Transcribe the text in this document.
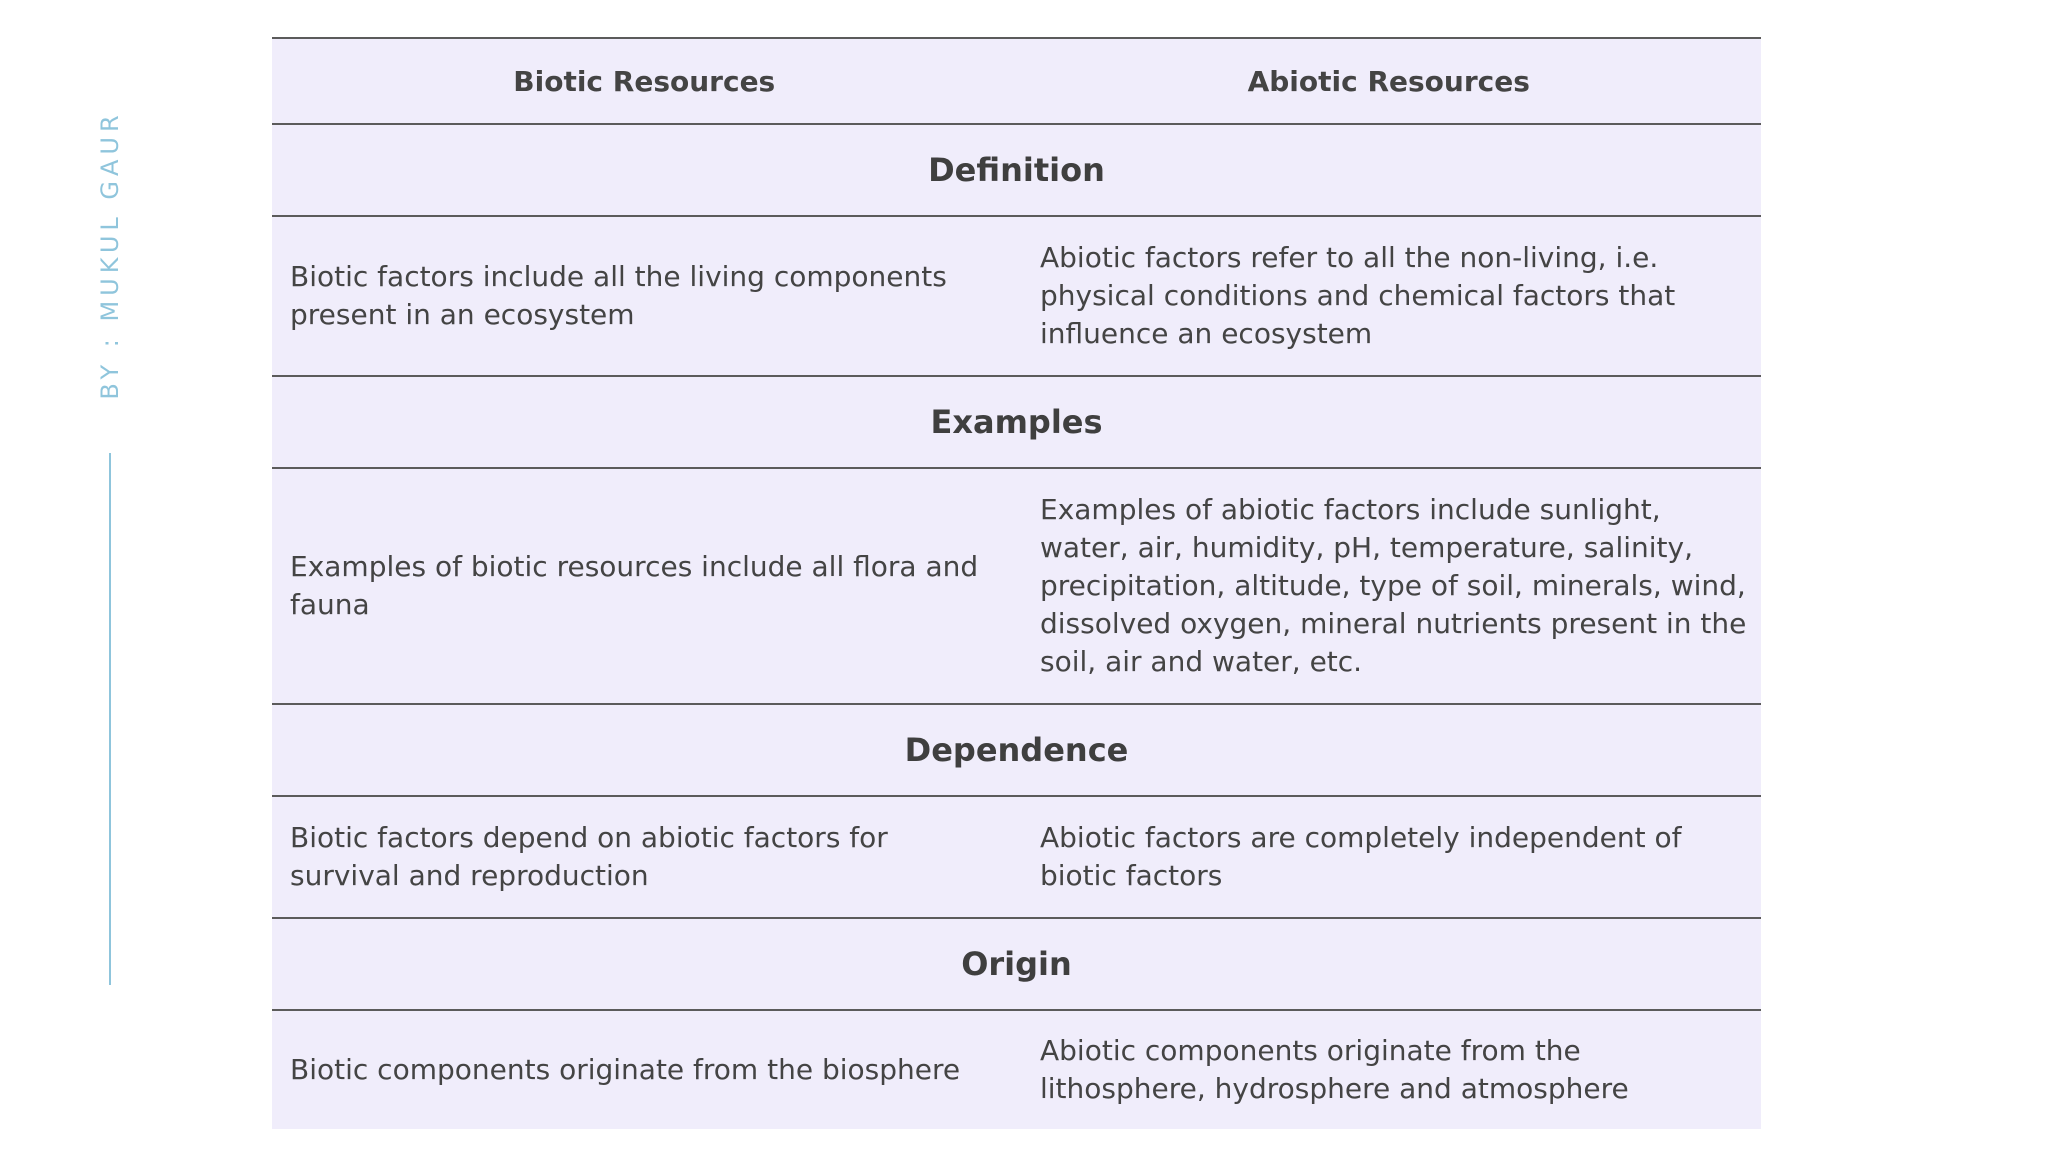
BY : MUKUL GAUR
Biotic Resources	Abiotic Resources
Definition
Biotic factors include all the living components present in an ecosystem
Abiotic factors refer to all the non-living, i.e. physical conditions and chemical factors that influence an ecosystem
Examples
Examples of biotic resources include all flora and fauna
Examples of abiotic factors include sunlight, water, air, humidity, pH, temperature, salinity, precipitation, altitude, type of soil, minerals, wind, dissolved oxygen, mineral nutrients present in the soil, air and water, etc.
Dependence
Biotic factors depend on abiotic factors for survival and reproduction
Abiotic factors are completely independent of biotic factors
Origin
Biotic components originate from the biosphere
Abiotic components originate from the lithosphere, hydrosphere and atmosphere
